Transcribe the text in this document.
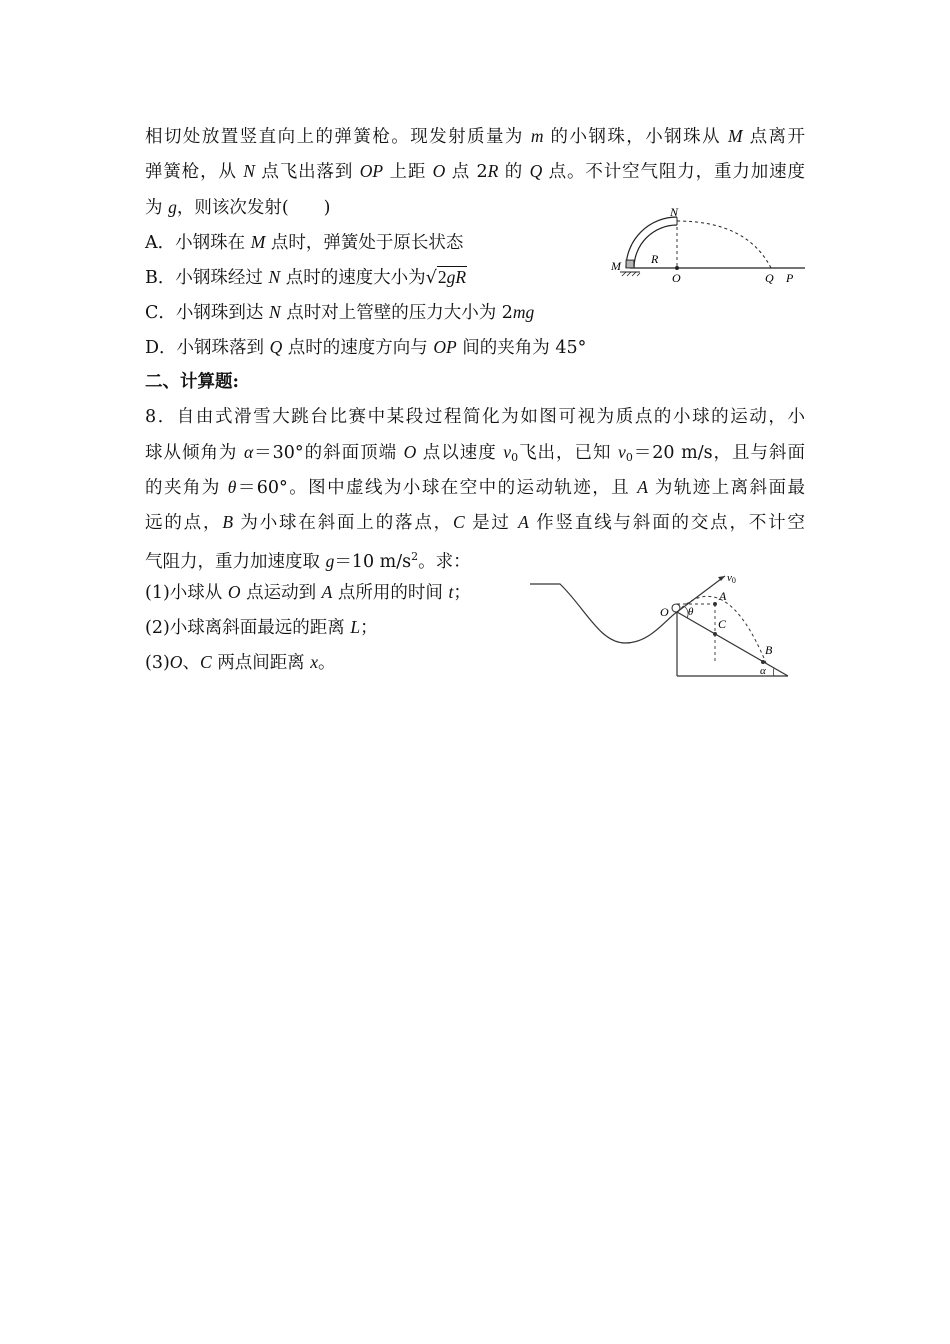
相切处放置竖直向上的弹簧枪。现发射质量为 m 的小钢珠，小钢珠从 M 点离开
弹簧枪，从 N 点飞出落到 OP 上距 O 点 2R 的 Q 点。不计空气阻力，重力加速度
为 g，则该次发射(　　)
A．小钢珠在 M 点时，弹簧处于原长状态
B．小钢珠经过 N 点时的速度大小为√2gR
C．小钢珠到达 N 点时对上管壁的压力大小为 2mg
D．小钢珠落到 Q 点时的速度方向与 OP 间的夹角为 45°
N
M	R
O	Q P
二、计算题:
8．自由式滑雪大跳台比赛中某段过程简化为如图可视为质点的小球的运动，小
球从倾角为 α＝30°的斜面顶端 O 点以速度 $v_0$飞出，已知 $v_0=20$ m/s，且与斜面
的夹角为 θ＝60°。图中虚线为小球在空中的运动轨迹，且 A 为轨迹上离斜面最
远的点，B 为小球在斜面上的落点，C 是过 A 作竖直线与斜面的交点，不计空
气阻力，重力加速度取 g＝10 $m/s^2$。求：
(1)小球从 O 点运动到 A 点所用的时间 t；
(2)小球离斜面最远的距离 L；
(3)O、C 两点间距离 x。
v0
A
O θ
C
B
α
